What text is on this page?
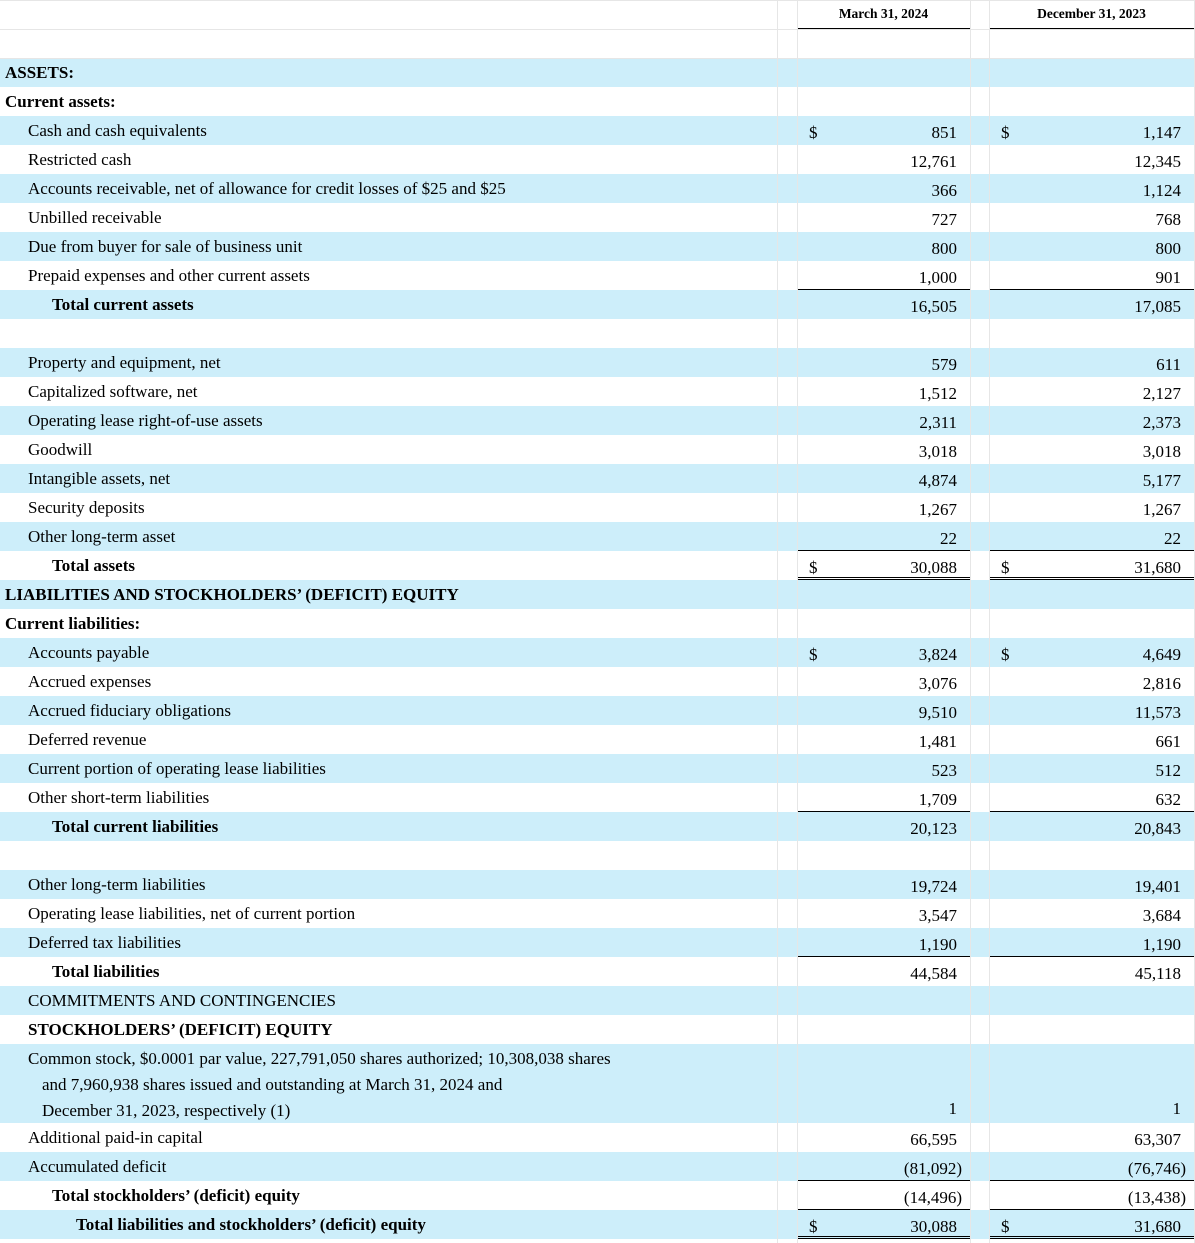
March 31, 2024	December 31, 2023
ASSETS:
Current assets:
Cash and cash equivalents	$	851	$	1,147
Restricted cash	12,761	12,345
Accounts receivable, net of allowance for credit losses of $25 and $25	366	1,124
Unbilled receivable	727	768
Due from buyer for sale of business unit	800	800
Prepaid expenses and other current assets	1,000	901
Total current assets	16,505	17,085
Property and equipment, net	579	611
Capitalized software, net	1,512	2,127
Operating lease right-of-use assets	2,311	2,373
Goodwill	3,018	3,018
Intangible assets, net	4,874	5,177
Security deposits	1,267	1,267
Other long-term asset	22	22
Total assets	$	30,088	$	31,680
LIABILITIES AND STOCKHOLDERS’ (DEFICIT) EQUITY
Current liabilities:
Accounts payable	$	3,824	$	4,649
Accrued expenses	3,076	2,816
Accrued fiduciary obligations	9,510	11,573
Deferred revenue	1,481	661
Current portion of operating lease liabilities	523	512
Other short-term liabilities	1,709	632
Total current liabilities	20,123	20,843
Other long-term liabilities	19,724	19,401
Operating lease liabilities, net of current portion	3,547	3,684
Deferred tax liabilities	1,190	1,190
Total liabilities	44,584	45,118
COMMITMENTS AND CONTINGENCIES
STOCKHOLDERS’ (DEFICIT) EQUITY
Common stock, $0.0001 par value, 227,791,050 shares authorized; 10,308,038 shares
and 7,960,938 shares issued and outstanding at March 31, 2024 and
December 31, 2023, respectively (1)	1	1
Additional paid-in capital	66,595	63,307
Accumulated deficit	(81,092)	(76,746)
Total stockholders’ (deficit) equity	(14,496)	(13,438)
Total liabilities and stockholders’ (deficit) equity	$	30,088	$	31,680
